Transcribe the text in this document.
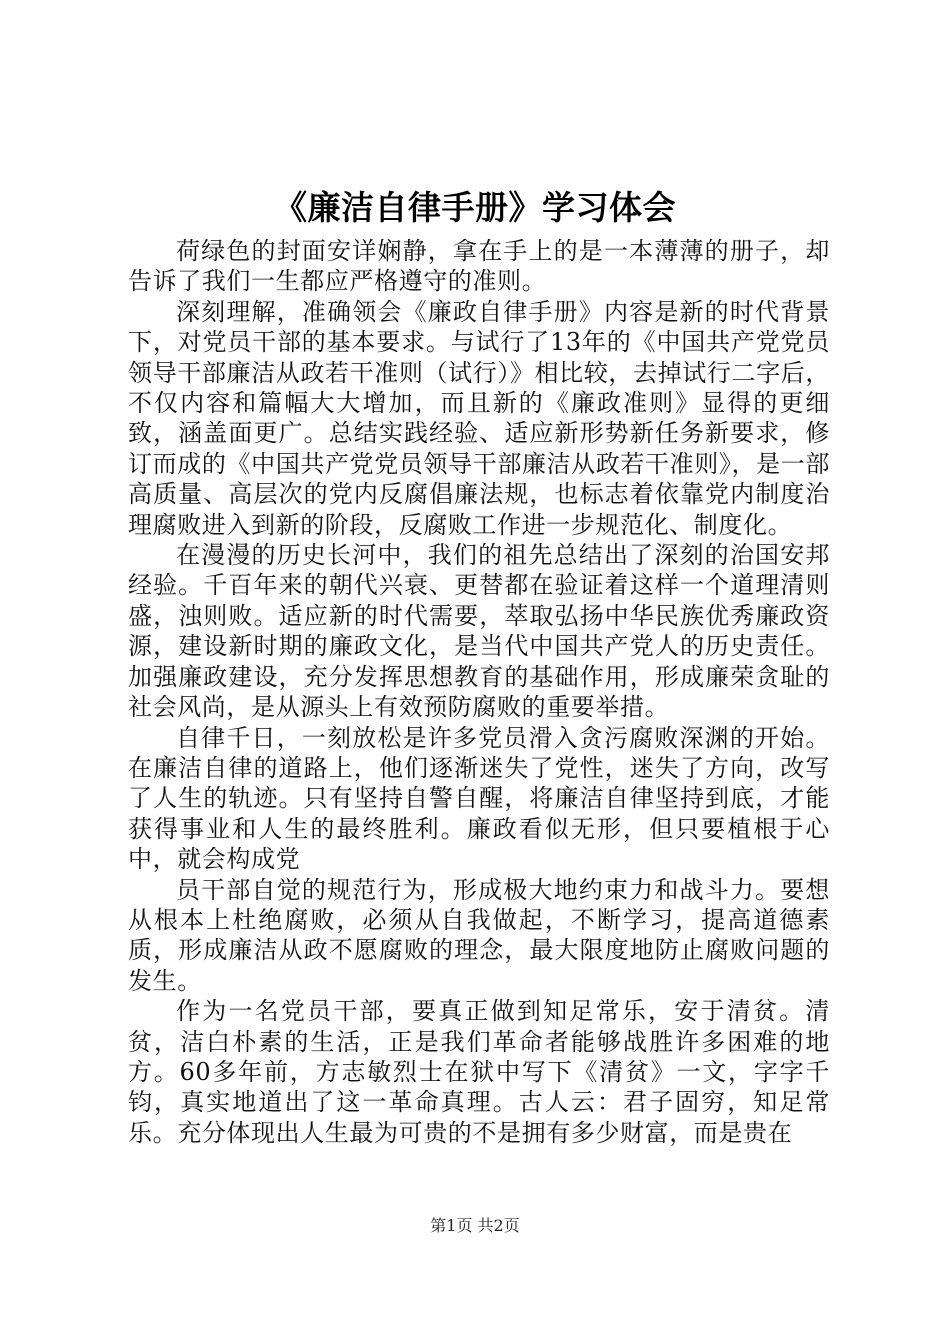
《廉洁自律手册》学习体会

荷绿色的封面安详娴静，拿在手上的是一本薄薄的册子，却告诉了我们一生都应严格遵守的准则。

深刻理解，准确领会《廉政自律手册》内容是新的时代背景下，对党员干部的基本要求。与试行了13年的《中国共产党党员领导干部廉洁从政若干准则（试行）》相比较，去掉试行二字后，不仅内容和篇幅大大增加，而且新的《廉政准则》显得的更细致，涵盖面更广。总结实践经验、适应新形势新任务新要求，修订而成的《中国共产党党员领导干部廉洁从政若干准则》，是一部高质量、高层次的党内反腐倡廉法规，也标志着依靠党内制度治理腐败进入到新的阶段，反腐败工作进一步规范化、制度化。

在漫漫的历史长河中，我们的祖先总结出了深刻的治国安邦经验。千百年来的朝代兴衰、更替都在验证着这样一个道理清则盛，浊则败。适应新的时代需要，萃取弘扬中华民族优秀廉政资源，建设新时期的廉政文化，是当代中国共产党人的历史责任。加强廉政建设，充分发挥思想教育的基础作用，形成廉荣贪耻的社会风尚，是从源头上有效预防腐败的重要举措。

自律千日，一刻放松是许多党员滑入贪污腐败深渊的开始。在廉洁自律的道路上，他们逐渐迷失了党性，迷失了方向，改写了人生的轨迹。只有坚持自警自醒，将廉洁自律坚持到底，才能获得事业和人生的最终胜利。廉政看似无形，但只要植根于心中，就会构成党

员干部自觉的规范行为，形成极大地约束力和战斗力。要想从根本上杜绝腐败，必须从自我做起，不断学习，提高道德素质，形成廉洁从政不愿腐败的理念，最大限度地防止腐败问题的发生。

作为一名党员干部，要真正做到知足常乐，安于清贫。清贫，洁白朴素的生活，正是我们革命者能够战胜许多困难的地方。60多年前，方志敏烈士在狱中写下《清贫》一文，字字千钧，真实地道出了这一革命真理。古人云：君子固穷，知足常乐。充分体现出人生最为可贵的不是拥有多少财富，而是贵在

第1页 共2页
